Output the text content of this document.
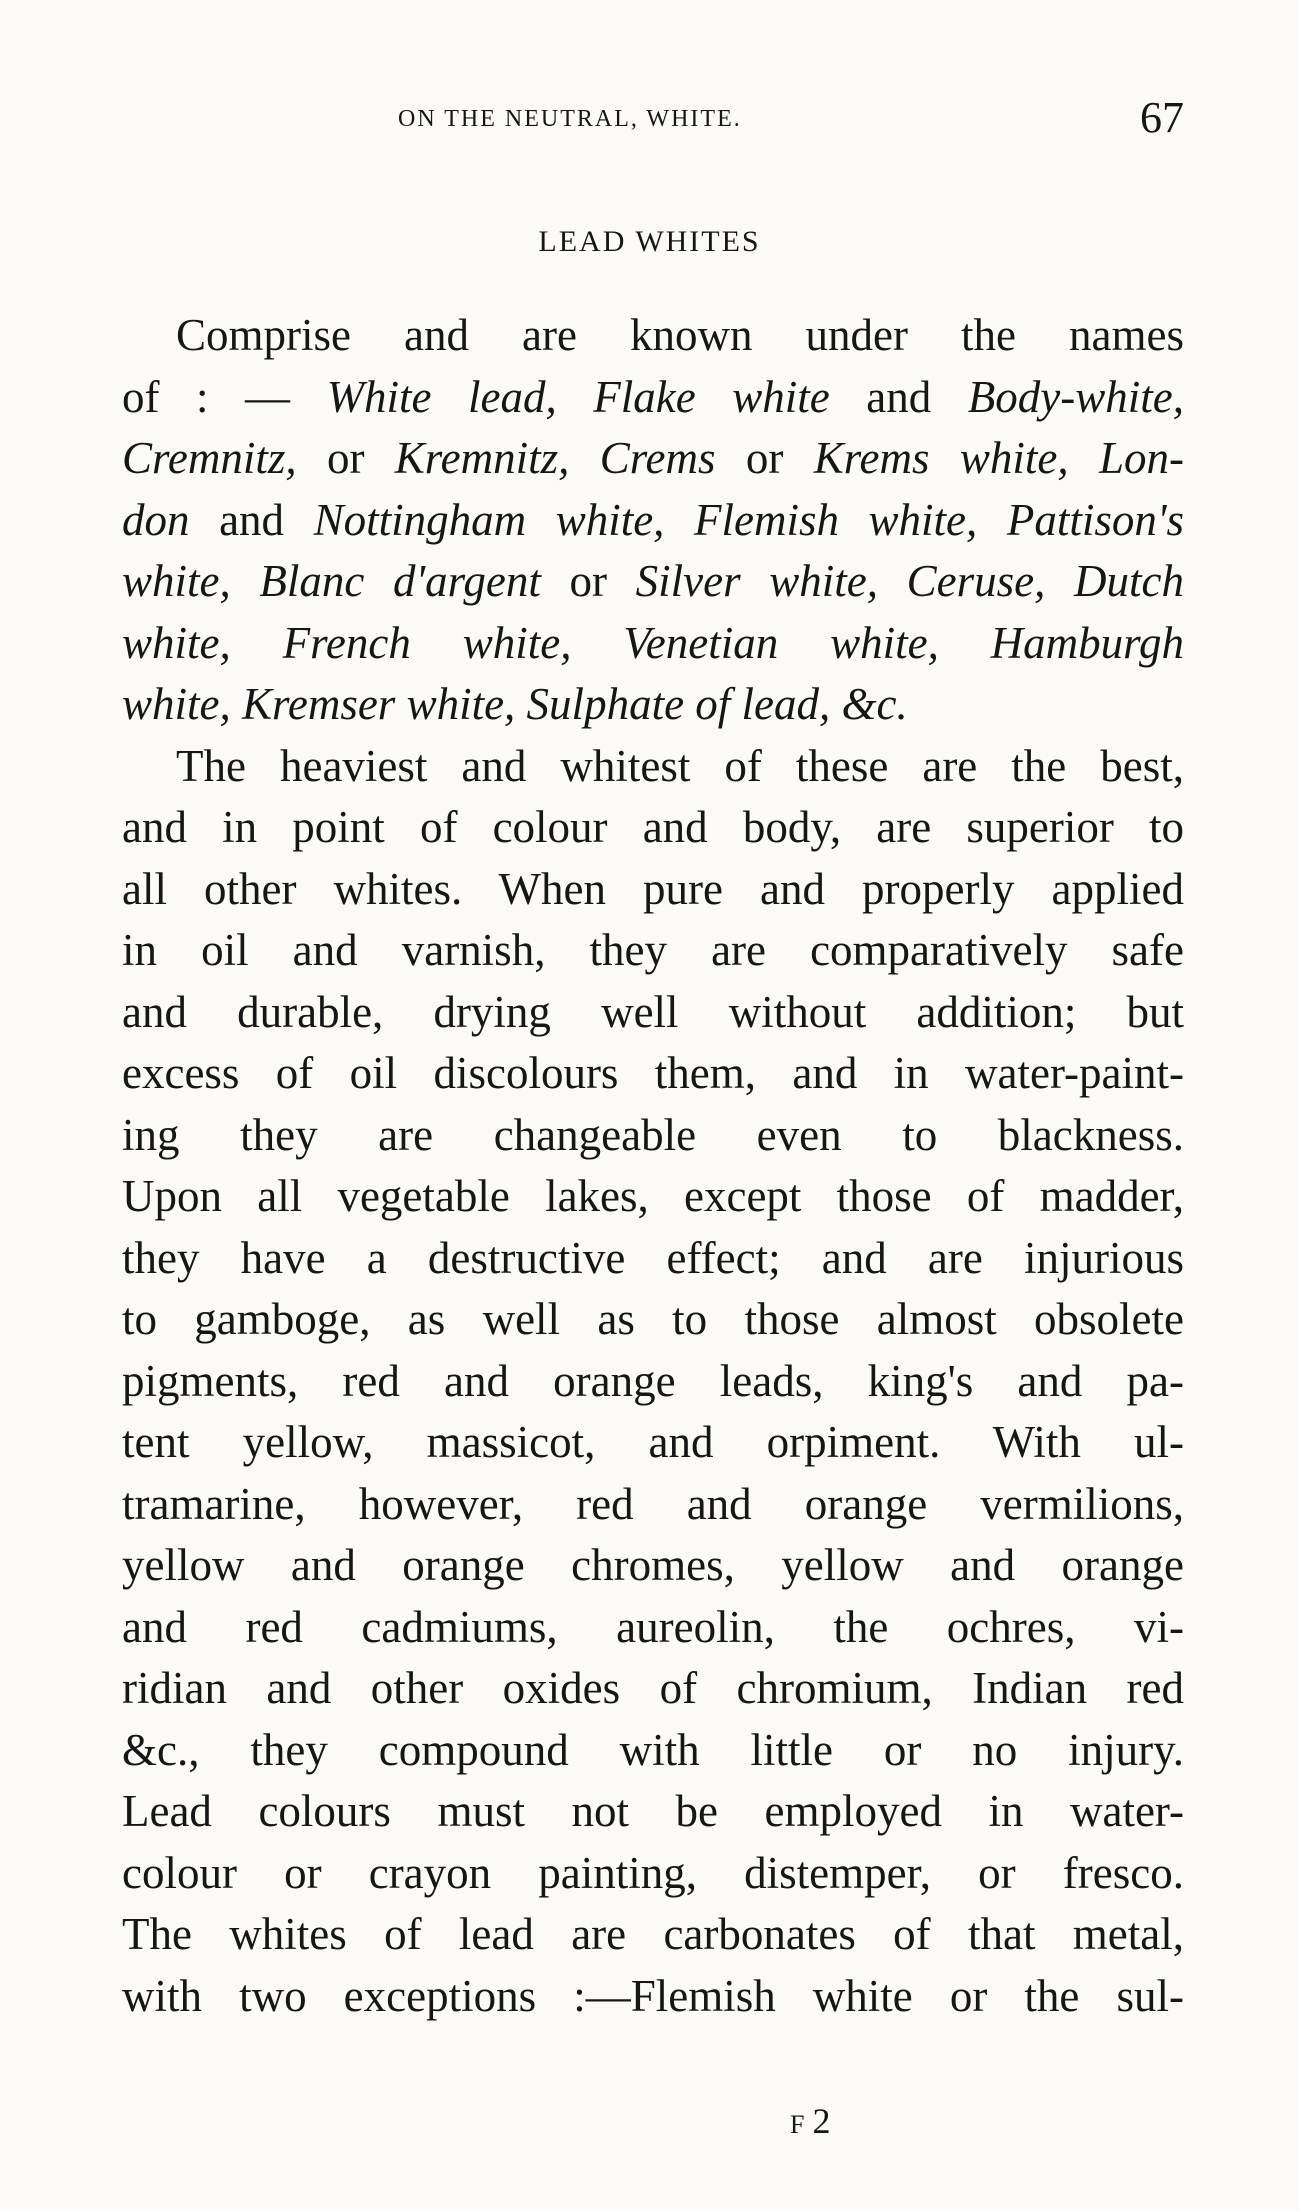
ON THE NEUTRAL, WHITE.	67
LEAD WHITES
Comprise and are known under the names
of : — White lead, Flake white and Body-white,
Cremnitz, or Kremnitz, Crems or Krems white, Lon-
don and Nottingham white, Flemish white, Pattison's
white, Blanc d'argent or Silver white, Ceruse, Dutch
white, French white, Venetian white, Hamburgh
white, Kremser white, Sulphate of lead, &c.
The heaviest and whitest of these are the best,
and in point of colour and body, are superior to
all other whites. When pure and properly applied
in oil and varnish, they are comparatively safe
and durable, drying well without addition; but
excess of oil discolours them, and in water-paint-
ing they are changeable even to blackness.
Upon all vegetable lakes, except those of madder,
they have a destructive effect; and are injurious
to gamboge, as well as to those almost obsolete
pigments, red and orange leads, king's and pa-
tent yellow, massicot, and orpiment. With ul-
tramarine, however, red and orange vermilions,
yellow and orange chromes, yellow and orange
and red cadmiums, aureolin, the ochres, vi-
ridian and other oxides of chromium, Indian red
&c., they compound with little or no injury.
Lead colours must not be employed in water-
colour or crayon painting, distemper, or fresco.
The whites of lead are carbonates of that metal,
with two exceptions :—Flemish white or the sul-
F 2
